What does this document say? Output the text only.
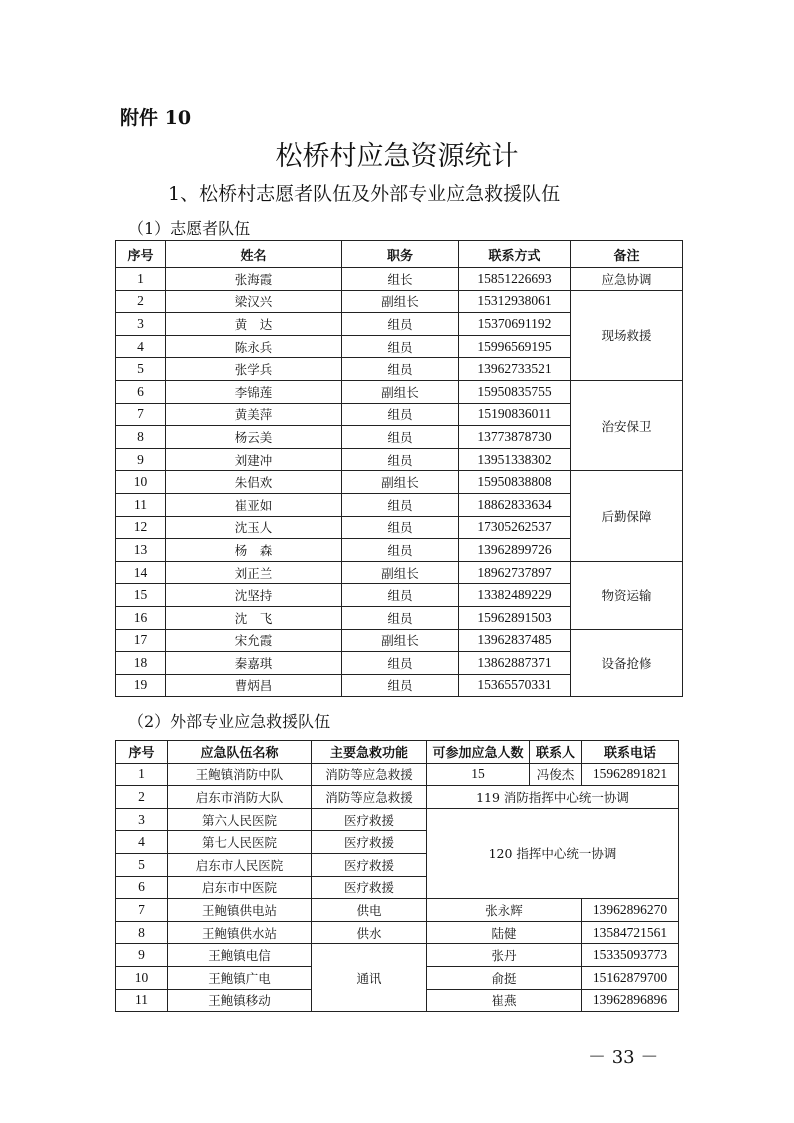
附件 10
松桥村应急资源统计
1、松桥村志愿者队伍及外部专业应急救援队伍
（1）志愿者队伍
序号	姓名	职务	联系方式	备注
1	张海霞	组长	15851226693	应急协调
2	梁汉兴	副组长	15312938061	现场救援
3	黄　达	组员	15370691192	
4	陈永兵	组员	15996569195	
5	张学兵	组员	13962733521	
6	李锦莲	副组长	15950835755	治安保卫
7	黄美萍	组员	15190836011	
8	杨云美	组员	13773878730	
9	刘建冲	组员	13951338302	
10	朱侣欢	副组长	15950838808	后勤保障
11	崔亚如	组员	18862833634	
12	沈玉人	组员	17305262537	
13	杨　森	组员	13962899726	
14	刘正兰	副组长	18962737897	物资运输
15	沈坚持	组员	13382489229	
16	沈　飞	组员	15962891503	
17	宋允霞	副组长	13962837485	设备抢修
18	秦嘉琪	组员	13862887371	
19	曹炳昌	组员	15365570331	
（2）外部专业应急救援队伍
序号	应急队伍名称	主要急救功能	可参加应急人数	联系人	联系电话
1	王鲍镇消防中队	消防等应急救援	15	冯俊杰	15962891821
2	启东市消防大队	消防等应急救援	119 消防指挥中心统一协调		
3	第六人民医院	医疗救援	120 指挥中心统一协调		
4	第七人民医院	医疗救援			
5	启东市人民医院	医疗救援			
6	启东市中医院	医疗救援			
7	王鲍镇供电站	供电	张永辉		13962896270
8	王鲍镇供水站	供水	陆健		13584721561
9	王鲍镇电信	通讯	张丹		15335093773
10	王鲍镇广电		俞挺		15162879700
11	王鲍镇移动		崔燕		13962896896
－ 33 －
